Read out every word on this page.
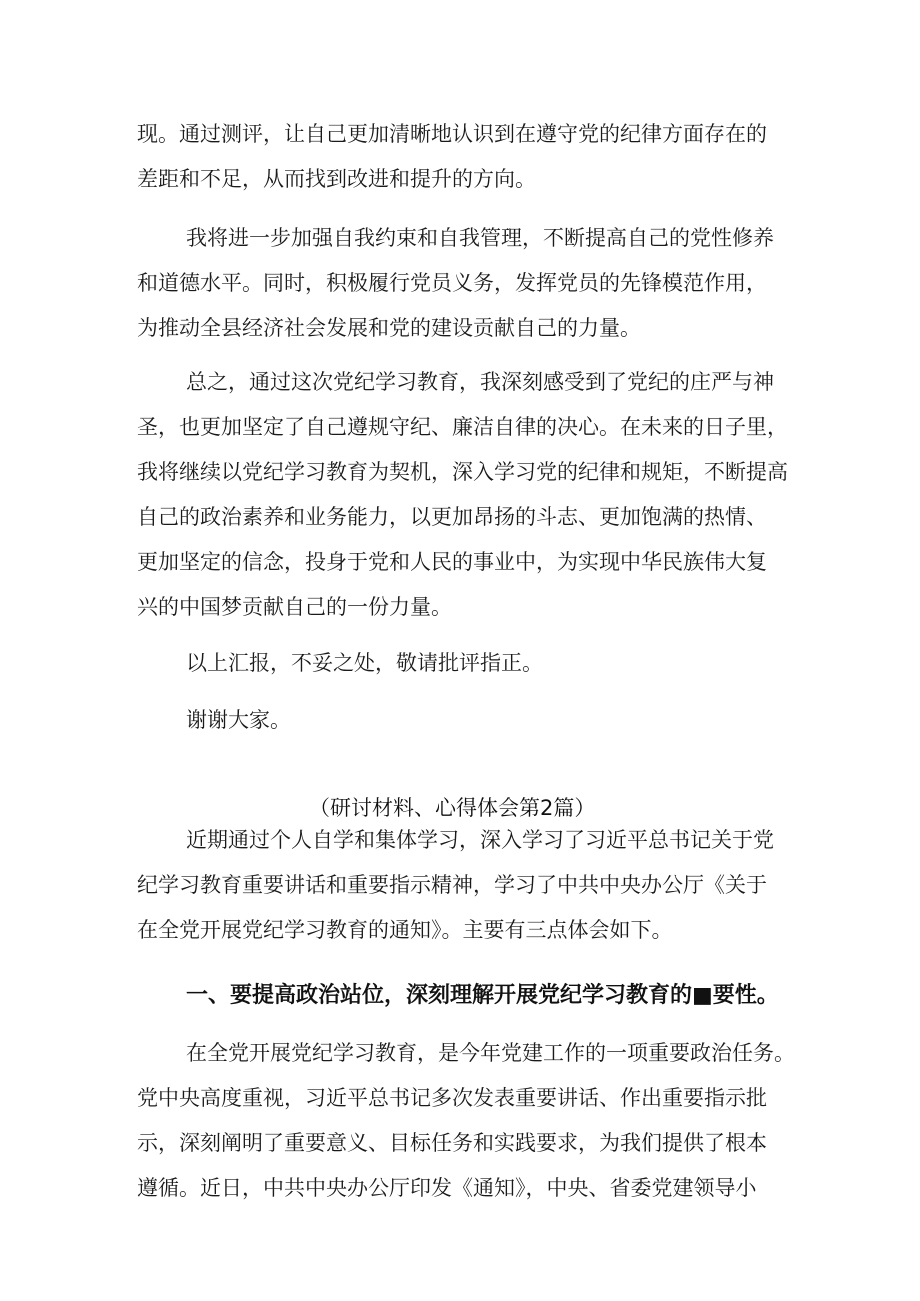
现。通过测评，让自己更加清晰地认识到在遵守党的纪律方面存在的
差距和不足，从而找到改进和提升的方向。
我将进一步加强自我约束和自我管理，不断提高自己的党性修养
和道德水平。同时，积极履行党员义务，发挥党员的先锋模范作用，
为推动全县经济社会发展和党的建设贡献自己的力量。
总之，通过这次党纪学习教育，我深刻感受到了党纪的庄严与神
圣，也更加坚定了自己遵规守纪、廉洁自律的决心。在未来的日子里，
我将继续以党纪学习教育为契机，深入学习党的纪律和规矩，不断提高
自己的政治素养和业务能力，以更加昂扬的斗志、更加饱满的热情、
更加坚定的信念，投身于党和人民的事业中，为实现中华民族伟大复
兴的中国梦贡献自己的一份力量。
以上汇报，不妥之处，敬请批评指正。
谢谢大家。
（研讨材料、心得体会第2篇）
近期通过个人自学和集体学习，深入学习了习近平总书记关于党
纪学习教育重要讲话和重要指示精神，学习了中共中央办公厅《关于
在全党开展党纪学习教育的通知》。主要有三点体会如下。
一、要提高政治站位，深刻理解开展党纪学习教育的■要性。
在全党开展党纪学习教育，是今年党建工作的一项重要政治任务。
党中央高度重视，习近平总书记多次发表重要讲话、作出重要指示批
示，深刻阐明了重要意义、目标任务和实践要求，为我们提供了根本
遵循。近日，中共中央办公厅印发《通知》，中央、省委党建领导小
